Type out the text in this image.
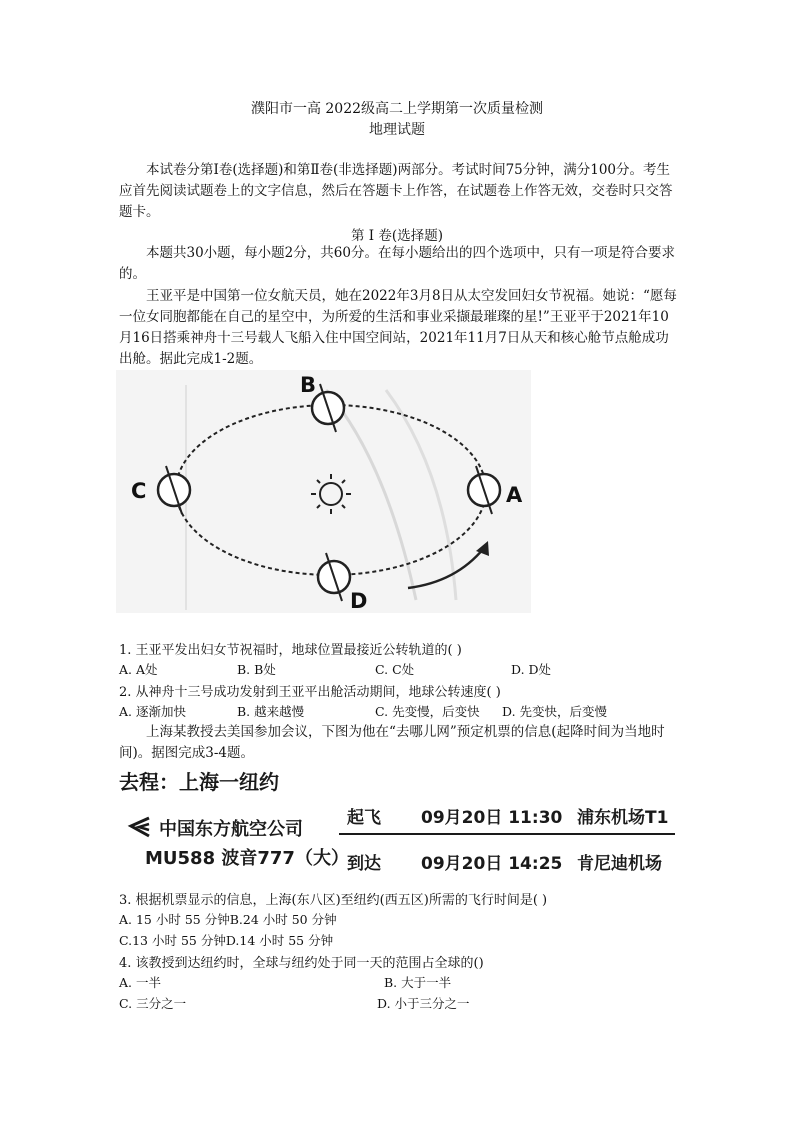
濮阳市一高 2022级高二上学期第一次质量检测
地理试题
本试卷分第Ⅰ卷(选择题)和第Ⅱ卷(非选择题)两部分。考试时间75分钟，满分100分。考生应首先阅读试题卷上的文字信息，然后在答题卡上作答，在试题卷上作答无效，交卷时只交答题卡。
第 Ⅰ 卷(选择题)
本题共30小题，每小题2分，共60分。在每小题给出的四个选项中，只有一项是符合要求的。
王亚平是中国第一位女航天员，她在2022年3月8日从太空发回妇女节祝福。她说：“愿每一位女同胞都能在自己的星空中，为所爱的生活和事业采撷最璀璨的星!”王亚平于2021年10月16日搭乘神舟十三号载人飞船入住中国空间站，2021年11月7日从天和核心舱节点舱成功出舱。据此完成1-2题。
B
C	A
D
1. 王亚平发出妇女节祝福时，地球位置最接近公转轨道的( )
A. A处	B. B处	C. C处	D. D处
2. 从神舟十三号成功发射到王亚平出舱活动期间，地球公转速度( )
A. 逐渐加快	B. 越来越慢	C. 先变慢，后变快 D. 先变快，后变慢
上海某教授去美国参加会议，下图为他在“去哪儿网”预定机票的信息(起降时间为当地时间)。据图完成3-4题。
去程：上海一纽约
中国东方航空公司
MU588 波音777（大）
起飞 09月20日 11:30 浦东机场T1
到达 09月20日 14:25 肯尼迪机场
3. 根据机票显示的信息，上海(东八区)至纽约(西五区)所需的飞行时间是( )
A. 15 小时 55 分钟B.24 小时 50 分钟
C.13 小时 55 分钟D.14 小时 55 分钟
4. 该教授到达纽约时，全球与纽约处于同一天的范围占全球的()
A. 一半	B. 大于一半
C. 三分之一	D. 小于三分之一
